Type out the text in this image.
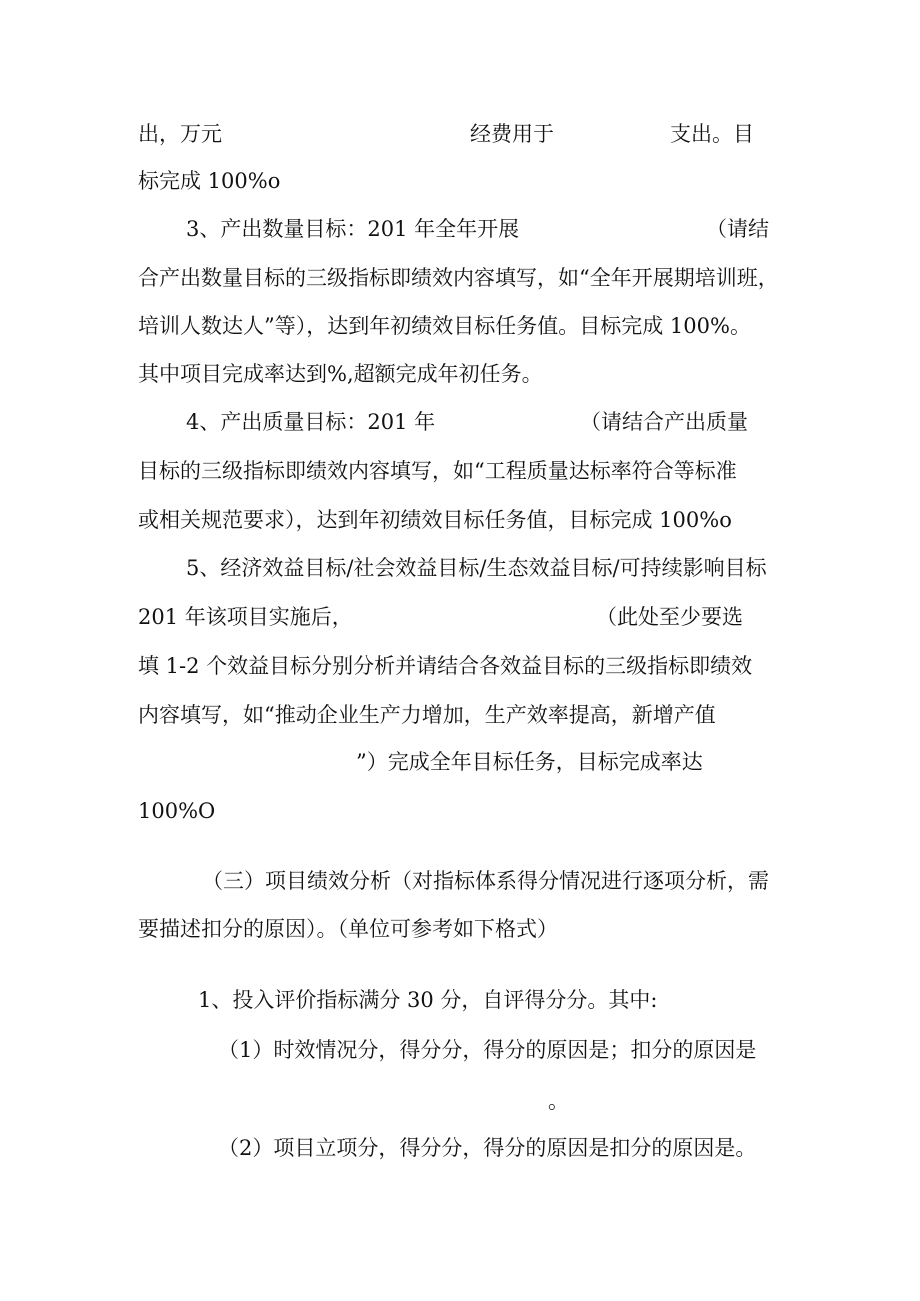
出，万元	经费用于	支出。目

标完成 100%o

3、产出数量目标：201 年全年开展	（请结

合产出数量目标的三级指标即绩效内容填写，如“全年开展期培训班，

培训人数达人”等），达到年初绩效目标任务值。目标完成 100%。

其中项目完成率达到%,超额完成年初任务。

4、产出质量目标：201 年	（请结合产出质量

目标的三级指标即绩效内容填写，如“工程质量达标率符合等标准

或相关规范要求），达到年初绩效目标任务值，目标完成 100%o

5、经济效益目标/社会效益目标/生态效益目标/可持续影响目标

201 年该项目实施后，	（此处至少要选

填 1-2 个效益目标分别分析并请结合各效益目标的三级指标即绩效

内容填写，如“推动企业生产力增加，生产效率提高，新增产值

”）完成全年目标任务，目标完成率达

100%O

（三）项目绩效分析（对指标体系得分情况进行逐项分析，需

要描述扣分的原因）。（单位可参考如下格式）

1、投入评价指标满分 30 分，自评得分分。其中:

（1）时效情况分，得分分，得分的原因是；扣分的原因是

。

（2）项目立项分，得分分，得分的原因是扣分的原因是。
